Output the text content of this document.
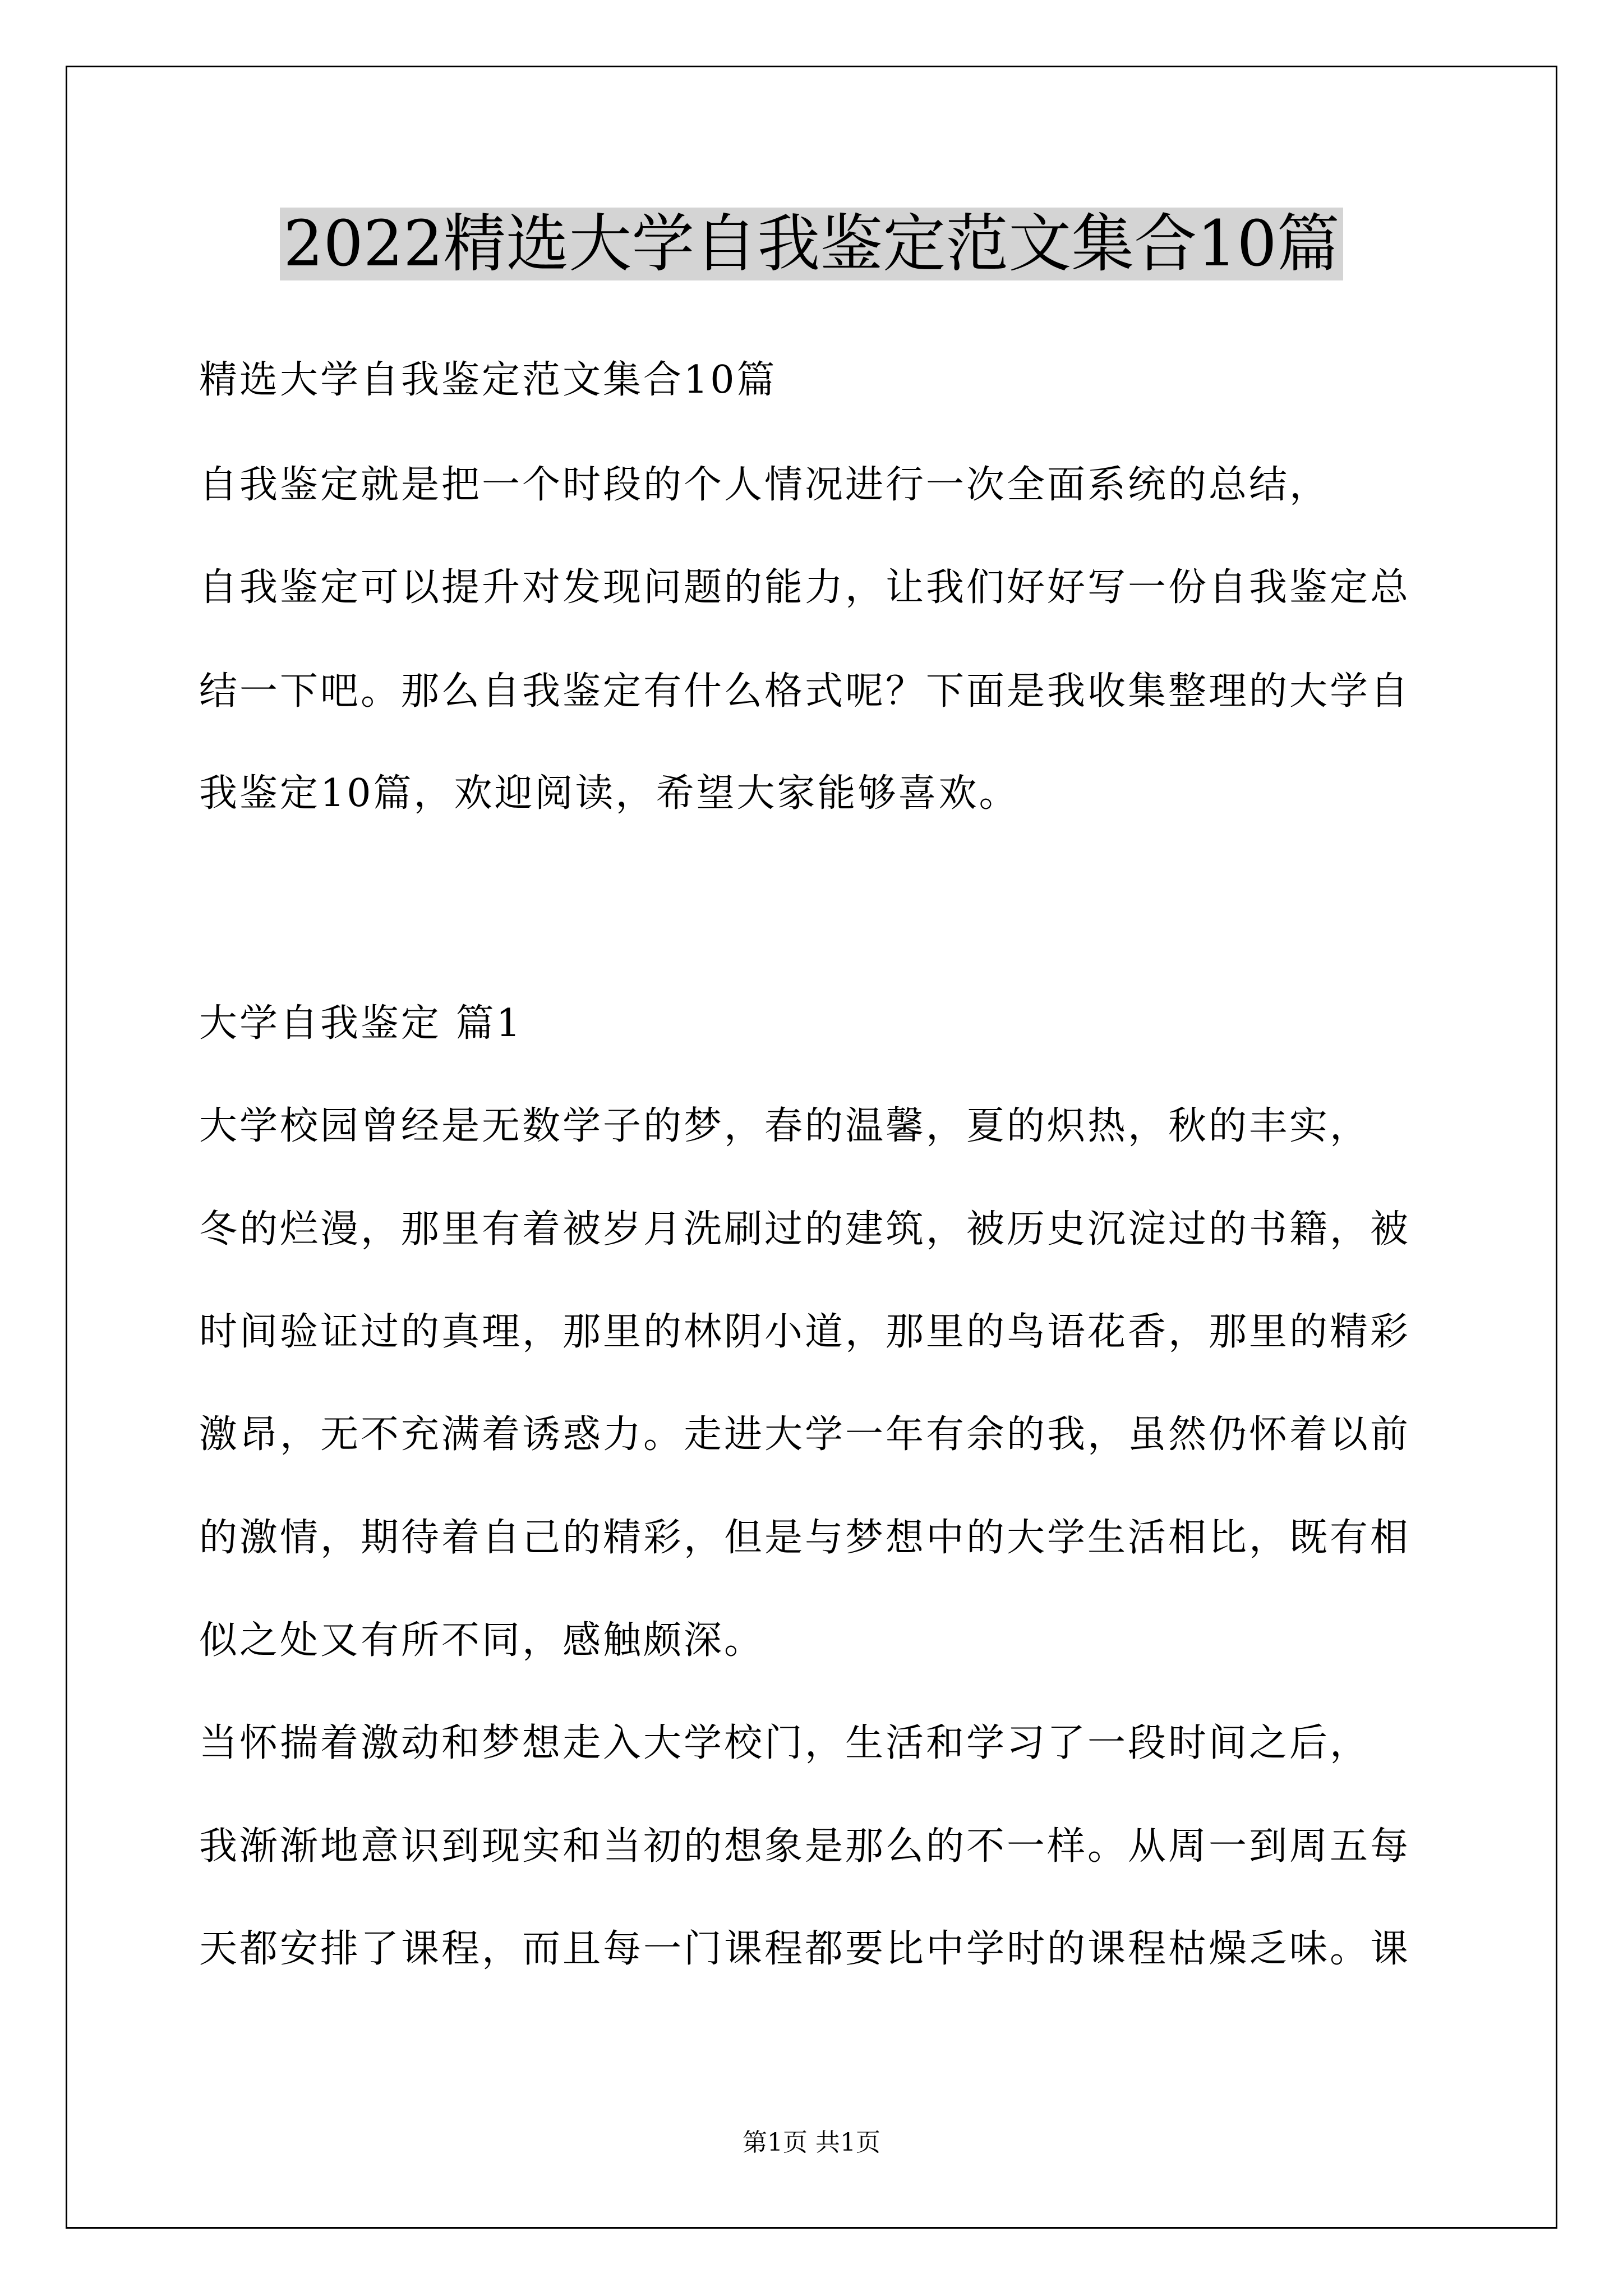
2022精选大学自我鉴定范文集合10篇
精选大学自我鉴定范文集合10篇
自我鉴定就是把一个时段的个人情况进行一次全面系统的总结，
自我鉴定可以提升对发现问题的能力，让我们好好写一份自我鉴定总
结一下吧。那么自我鉴定有什么格式呢？下面是我收集整理的大学自
我鉴定10篇，欢迎阅读，希望大家能够喜欢。
大学自我鉴定 篇1
大学校园曾经是无数学子的梦，春的温馨，夏的炽热，秋的丰实，
冬的烂漫，那里有着被岁月洗刷过的建筑，被历史沉淀过的书籍，被
时间验证过的真理，那里的林阴小道，那里的鸟语花香，那里的精彩
激昂，无不充满着诱惑力。走进大学一年有余的我，虽然仍怀着以前
的激情，期待着自己的精彩，但是与梦想中的大学生活相比，既有相
似之处又有所不同，感触颇深。
当怀揣着激动和梦想走入大学校门，生活和学习了一段时间之后，
我渐渐地意识到现实和当初的想象是那么的不一样。从周一到周五每
天都安排了课程，而且每一门课程都要比中学时的课程枯燥乏味。课
第1页 共1页
